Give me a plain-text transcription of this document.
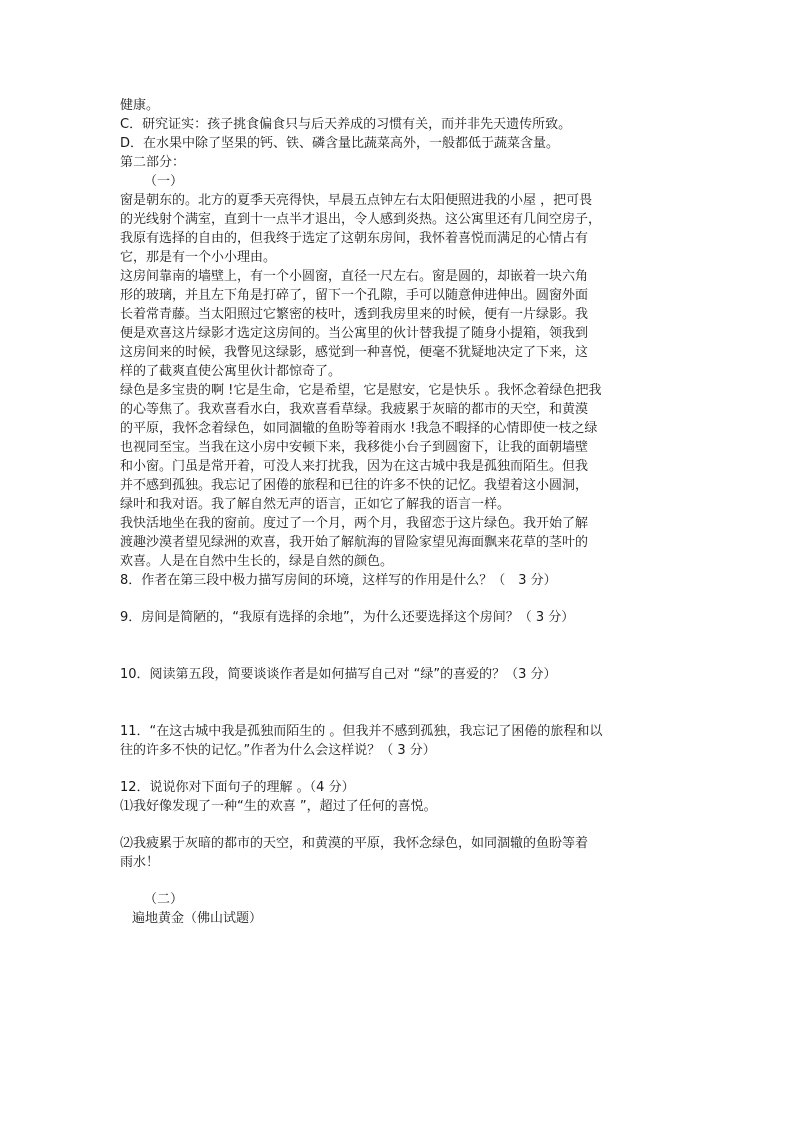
健康。
C．研究证实：孩子挑食偏食只与后天养成的习惯有关，而并非先天遗传所致。
D．在水果中除了坚果的钙、铁、磷含量比蔬菜高外，一般都低于蔬菜含量。
第二部分：
（一）
窗是朝东的。北方的夏季天亮得快，早晨五点钟左右太阳便照进我的小屋 ，把可畏
的光线射个满室，直到十一点半才退出，令人感到炎热。这公寓里还有几间空房子，
我原有选择的自由的，但我终于选定了这朝东房间，我怀着喜悦而满足的心情占有
它，那是有一个小小理由。
这房间靠南的墙壁上，有一个小圆窗，直径一尺左右。窗是圆的，却嵌着一块六角
形的玻璃，并且左下角是打碎了，留下一个孔隙，手可以随意伸进伸出。圆窗外面
长着常青藤。当太阳照过它繁密的枝叶，透到我房里来的时候，便有一片绿影。我
便是欢喜这片绿影才选定这房间的。当公寓里的伙计替我提了随身小提箱，领我到
这房间来的时候，我瞥见这绿影，感觉到一种喜悦，便毫不犹疑地决定了下来，这
样的了截爽直使公寓里伙计都惊奇了。
绿色是多宝贵的啊 !它是生命，它是希望，它是慰安，它是快乐 。我怀念着绿色把我
的心等焦了。我欢喜看水白，我欢喜看草绿。我疲累于灰暗的都市的天空，和黄漠
的平原，我怀念着绿色，如同涸辙的鱼盼等着雨水 !我急不暇择的心情即使一枝之绿
也视同至宝。当我在这小房中安顿下来，我移徙小台子到圆窗下，让我的面朝墙壁
和小窗。门虽是常开着，可没人来打扰我，因为在这古城中我是孤独而陌生。但我
并不感到孤独。我忘记了困倦的旅程和已往的许多不快的记忆。我望着这小圆洞，
绿叶和我对语。我了解自然无声的语言，正如它了解我的语言一样。
我快活地坐在我的窗前。度过了一个月，两个月，我留恋于这片绿色。我开始了解
渡趣沙漠者望见绿洲的欢喜，我开始了解航海的冒险家望见海面飘来花草的茎叶的
欢喜。人是在自然中生长的，绿是自然的颜色。
8．作者在第三段中极力描写房间的环境，这样写的作用是什么？（　3 分）
9．房间是简陋的，“我原有选择的余地”，为什么还要选择这个房间？（ 3 分）
10．阅读第五段，简要谈谈作者是如何描写自己对 “绿”的喜爱的？（3 分）
11．“在这古城中我是孤独而陌生的 。但我并不感到孤独，我忘记了困倦的旅程和以
往的许多不快的记忆。”作者为什么会这样说？（ 3 分）
12．说说你对下面句子的理解 。（4 分）
⑴我好像发现了一种“生的欢喜 ”，超过了任何的喜悦。
⑵我疲累于灰暗的都市的天空，和黄漠的平原，我怀念绿色，如同涸辙的鱼盼等着
雨水！
（二）
遍地黄金（佛山试题）
